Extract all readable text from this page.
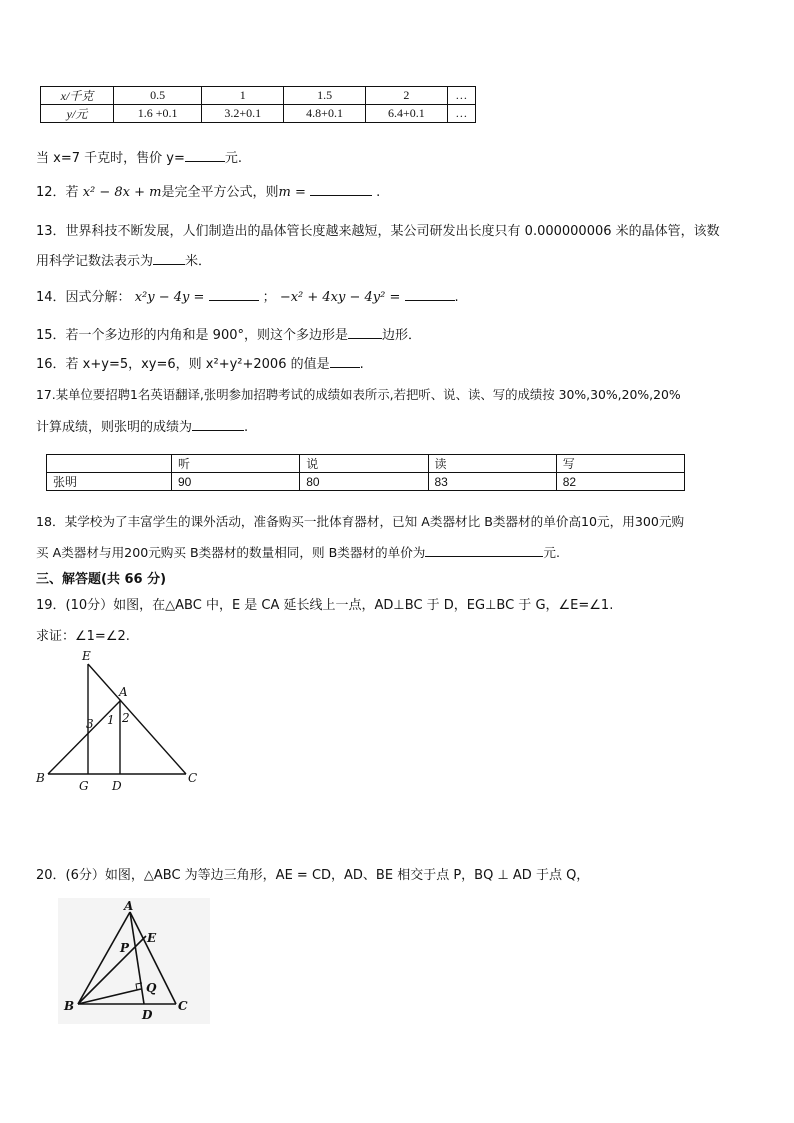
x/千克	0.5	1	1.5	2	…
y/元	1.6 +0.1	3.2+0.1	4.8+0.1	6.4+0.1	…
当 x=7 千克时，售价 y=	元.
12．若 x² − 8x + m是完全平方公式，则m =	.
13．世界科技不断发展，人们制造出的晶体管长度越来越短，某公司研发出长度只有 0.000000006 米的晶体管，该数
用科学记数法表示为 米．
14．因式分解： x²y − 4y =	； −x² + 4xy − 4y² =	.
15．若一个多边形的内角和是 900°，则这个多边形是	边形．
16．若 x+y=5，xy=6，则 x²+y²+2006 的值是 .
17.某单位要招聘1名英语翻译,张明参加招聘考试的成绩如表所示,若把听、说、读、写的成绩按 30%,30%,20%,20%
计算成绩，则张明的成绩为	.
	听	说	读	写
张明	90	80	83	82
18．某学校为了丰富学生的课外活动，准备购买一批体育器材，已知 A类器材比 B类器材的单价高10元，用300元购
买 A类器材与用200元购买 B类器材的数量相同，则 B类器材的单价为	元.
三、解答题(共 66 分)
19．(10分）如图，在△ABC 中，E 是 CA 延长线上一点，AD⊥BC 于 D，EG⊥BC 于 G，∠E=∠1.
求证：∠1=∠2.
E
A
B
G D
C
1 2
3
20．(6分）如图，△ABC 为等边三角形，AE = CD，AD、BE 相交于点 P，BQ ⊥ AD 于点 Q，
A
E
P
B
Q
D
C
